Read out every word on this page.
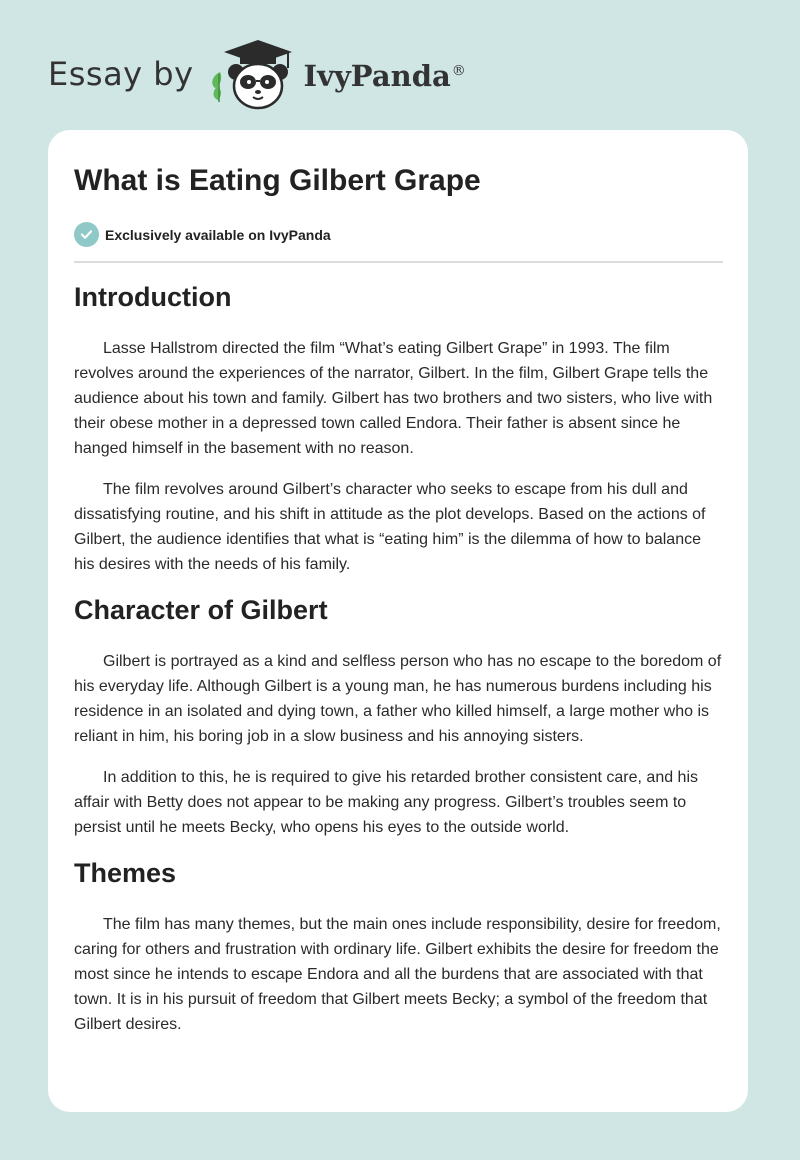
Essay by	IvyPanda®
What is Eating Gilbert Grape
Exclusively available on IvyPanda
Introduction

Lasse Hallstrom directed the film “What’s eating Gilbert Grape” in 1993. The film revolves around the experiences of the narrator, Gilbert. In the film, Gilbert Grape tells the audience about his town and family. Gilbert has two brothers and two sisters, who live with their obese mother in a depressed town called Endora. Their father is absent since he hanged himself in the basement with no reason.

The film revolves around Gilbert’s character who seeks to escape from his dull and dissatisfying routine, and his shift in attitude as the plot develops. Based on the actions of Gilbert, the audience identifies that what is “eating him” is the dilemma of how to balance his desires with the needs of his family.

Character of Gilbert

Gilbert is portrayed as a kind and selfless person who has no escape to the boredom of his everyday life. Although Gilbert is a young man, he has numerous burdens including his residence in an isolated and dying town, a father who killed himself, a large mother who is reliant in him, his boring job in a slow business and his annoying sisters.

In addition to this, he is required to give his retarded brother consistent care, and his affair with Betty does not appear to be making any progress. Gilbert’s troubles seem to persist until he meets Becky, who opens his eyes to the outside world.

Themes

The film has many themes, but the main ones include responsibility, desire for freedom, caring for others and frustration with ordinary life. Gilbert exhibits the desire for freedom the most since he intends to escape Endora and all the burdens that are associated with that town. It is in his pursuit of freedom that Gilbert meets Becky; a symbol of the freedom that Gilbert desires.
